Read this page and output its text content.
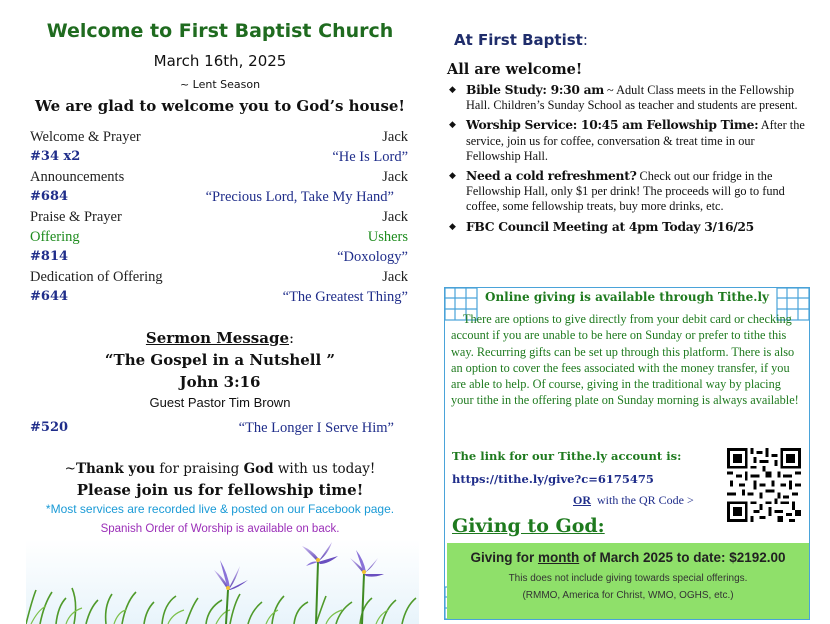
Welcome to First Baptist Church
March 16th, 2025
~ Lent Season
We are glad to welcome you to God’s house!
Welcome & Prayer	Jack
#34 x2	“He Is Lord”
Announcements	Jack
#684	“Precious Lord, Take My Hand”
Praise & Prayer	Jack
Offering	Ushers
#814	“Doxology”
Dedication of Offering	Jack
#644	“The Greatest Thing”
Sermon Message:
“The Gospel in a Nutshell ”
John 3:16
Guest Pastor Tim Brown
#520	“The Longer I Serve Him”
~Thank you for praising God with us today!
Please join us for fellowship time!
*Most services are recorded live & posted on our Facebook page.
Spanish Order of Worship is available on back.
At First Baptist:
All are welcome!
◆ Bible Study: 9:30 am ~ Adult Class meets in the Fellowship Hall. Children’s Sunday School as teacher and students are present.
◆ Worship Service: 10:45 am Fellowship Time: After the service, join us for coffee, conversation & treat time in our Fellowship Hall.
◆ Need a cold refreshment? Check out our fridge in the Fellowship Hall, only $1 per drink! The proceeds will go to fund coffee, some fellowship treats, buy more drinks, etc.
◆ FBC Council Meeting at 4pm Today 3/16/25
Online giving is available through Tithe.ly
There are options to give directly from your debit card or checking account if you are unable to be here on Sunday or prefer to tithe this way. Recurring gifts can be set up through this platform. There is also an option to cover the fees associated with the money transfer, if you are able to help. Of course, giving in the traditional way by placing your tithe in the offering plate on Sunday morning is always available!
The link for our Tithe.ly account is:
https://tithe.ly/give?c=6175475
OR with the QR Code >
Giving to God:
Giving for month of March 2025 to date: $2192.00
This does not include giving towards special offerings.
(RMMO, America for Christ, WMO, OGHS, etc.)
